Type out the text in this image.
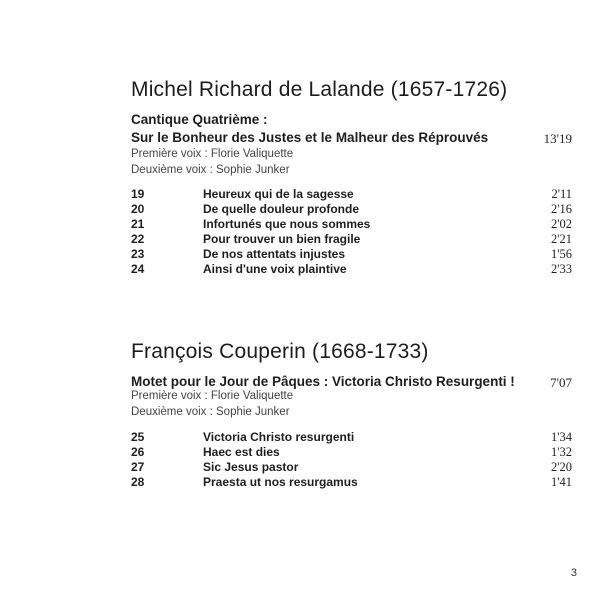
Michel Richard de Lalande (1657-1726)
Cantique Quatrième :
Sur le Bonheur des Justes et le Malheur des Réprouvés	13'19
Première voix : Florie Valiquette
Deuxième voix : Sophie Junker
19	Heureux qui de la sagesse	2'11
20	De quelle douleur profonde	2'16
21	Infortunés que nous sommes	2'02
22	Pour trouver un bien fragile	2'21
23	De nos attentats injustes	1'56
24	Ainsi d'une voix plaintive	2'33
François Couperin (1668-1733)
Motet pour le Jour de Pâques : Victoria Christo Resurgenti !	7'07
Première voix : Florie Valiquette
Deuxième voix : Sophie Junker
25	Victoria Christo resurgenti	1'34
26	Haec est dies	1'32
27	Sic Jesus pastor	2'20
28	Praesta ut nos resurgamus	1'41
3
